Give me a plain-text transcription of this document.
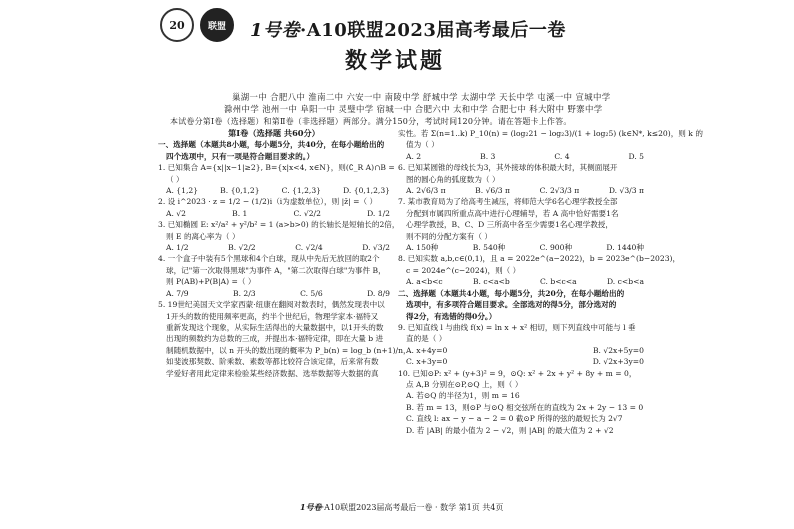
20	联盟	1号卷·A10联盟2023届高考最后一卷
数学试题
巢湖一中 合肥八中 淮南二中 六安一中 南陵中学 舒城中学 太湖中学 天长中学 屯溪一中 宣城中学
滁州中学 池州一中 阜阳一中 灵璧中学 宿城一中 合肥六中 太和中学 合肥七中 科大附中 野寨中学
本试卷分第Ⅰ卷（选择题）和第Ⅱ卷（非选择题）两部分。满分150分，考试时间120分钟。请在答题卡上作答。
第Ⅰ卷（选择题 共60分）
一、选择题（本题共8小题，每小题5分，共40分，在每小题给出的
四个选项中，只有一项是符合题目要求的。）
1. 已知集合 A={x||x−1|≥2}, B={x|x<4, x∈N}，则(∁_R A)∩B =
（ ）
A. {1,2}	B. {0,1,2}	C. {1,2,3}	D. {0,1,2,3}
2. 设 i^2023 · z = 1/2 − (1/2)i（i为虚数单位），则 |z̄| =（ ）
A. √2	B. 1	C. √2/2	D. 1/2
3. 已知椭圆 E: x²/a² + y²/b² = 1 (a>b>0) 的长轴长是短轴长的2倍，
则 E 的离心率为（ ）
A. 1/2	B. √2/2	C. √2/4	D. √3/2
4. 一个盒子中装有5个黑球和4个白球，现从中先后无放回的取2个
球，记"第一次取得黑球"为事件 A，"第二次取得白球"为事件 B，
则 P(AB)+P(B|A) =（ ）
A. 7/9	B. 2/3	C. 5/6	D. 8/9
5. 19世纪美国天文学家西蒙·纽康在翻阅对数表时，偶然发现表中以
1开头的数的使用频率更高，约半个世纪后，物理学家本·福特又
重新发现这个现象，从实际生活得出的大量数据中，以1开头的数
出现的频数约为总数的三成，并提出本·福特定律，即在大量 b 进
制随机数据中，以 n 开头的数出现的概率为 P_b(n) = log_b (n+1)/n，
如斐波那契数、阶乘数、素数等都比较符合该定律，后来常有数
学爱好者用此定律来检验某些经济数据、选举数据等大数据的真
实性。若 Σ(n=1..k) P_10(n) = (log₂21 − log₂3)/(1 + log₂5) (k∈N*, k≤20)，则 k 的
值为（ ）
A. 2	B. 3	C. 4	D. 5
6. 已知某圆锥的母线长为3，其外接球的体积最大时，其侧面展开
图的圆心角的弧度数为（ ）
A. 2√6/3 π	B. √6/3 π	C. 2√3/3 π	D. √3/3 π
7. 某市教育局为了给高考生减压，将师范大学6名心理学教授全部
分配到市属四所重点高中进行心理辅导，若 A 高中恰好需要1名
心理学教授，B、C、D 三所高中各至少需要1名心理学教授，
则不同的分配方案有（ ）
A. 150种	B. 540种	C. 900种	D. 1440种
8. 已知实数 a,b,c∈(0,1)，且 a = 2022e^(a−2022)，b = 2023e^(b−2023)，
c = 2024e^(c−2024)，则（ ）
A. a<b<c	B. c<a<b	C. b<c<a	D. c<b<a
二、选择题（本题共4小题，每小题5分，共20分，在每小题给出的
选项中，有多项符合题目要求。全部选对的得5分，部分选对的
得2分，有选错的得0分。）
9. 已知直线 l 与曲线 f(x) = ln x + x² 相切，则下列直线中可能与 l 垂
直的是（ ）
A. x+4y=0	B. √2x+5y=0
C. x+3y=0	D. √2x+3y=0
10. 已知⊙P: x² + (y+3)² = 9，⊙Q: x² + 2x + y² + 8y + m = 0，
点 A,B 分别在⊙P,⊙Q 上，则（ ）
A. 若⊙Q 的半径为1，则 m = 16
B. 若 m = 13，则⊙P 与⊙Q 相交弦所在的直线为 2x + 2y − 13 = 0
C. 直线 l: ax − y − a − 2 = 0 截⊙P 所得的弦的最短长为 2√7
D. 若 |AB| 的最小值为 2 − √2，则 |AB| 的最大值为 2 + √2
1号卷·A10联盟2023届高考最后一卷 · 数学 第1页 共4页
